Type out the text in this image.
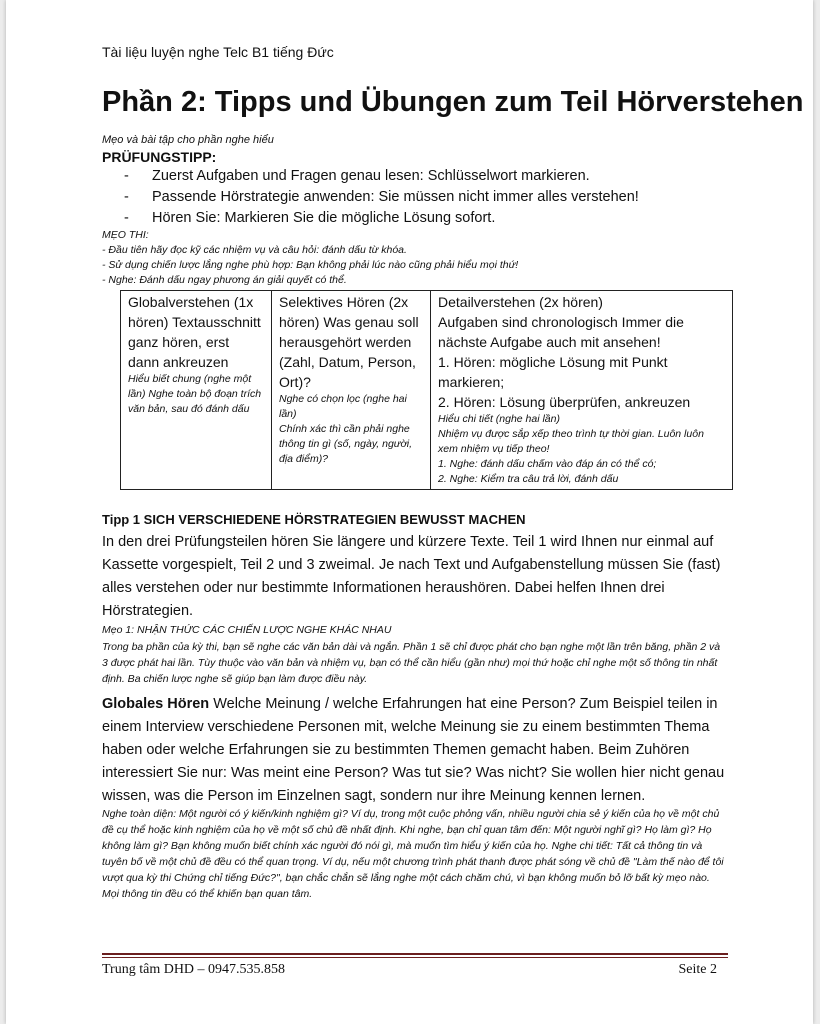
Tài liệu luyện nghe Telc B1 tiếng Đức
Phần 2: Tipps und Übungen zum Teil Hörverstehen
Mẹo và bài tập cho phần nghe hiểu
PRÜFUNGSTIPP:
- Zuerst Aufgaben und Fragen genau lesen: Schlüsselwort markieren.
- Passende Hörstrategie anwenden: Sie müssen nicht immer alles verstehen!
- Hören Sie: Markieren Sie die mögliche Lösung sofort.
MẸO THI:
- Đầu tiên hãy đọc kỹ các nhiệm vụ và câu hỏi: đánh dấu từ khóa.
- Sử dụng chiến lược lắng nghe phù hợp: Bạn không phải lúc nào cũng phải hiểu mọi thứ!
- Nghe: Đánh dấu ngay phương án giải quyết có thể.
Globalverstehen (1x hören) Textausschnitt ganz hören, erst dann ankreuzen
Hiểu biết chung (nghe một lần) Nghe toàn bộ đoạn trích văn bản, sau đó đánh dấu

Selektives Hören (2x hören) Was genau soll herausgehört werden (Zahl, Datum, Person, Ort)?
Nghe có chọn lọc (nghe hai lần)
Chính xác thì cần phải nghe thông tin gì (số, ngày, người, địa điểm)?

Detailverstehen (2x hören)
Aufgaben sind chronologisch Immer die nächste Aufgabe auch mit ansehen!
1. Hören: mögliche Lösung mit Punkt markieren;
2. Hören: Lösung überprüfen, ankreuzen
Hiểu chi tiết (nghe hai lần)
Nhiệm vụ được sắp xếp theo trình tự thời gian. Luôn luôn xem nhiệm vụ tiếp theo!
1. Nghe: đánh dấu chấm vào đáp án có thể có;
2. Nghe: Kiểm tra câu trả lời, đánh dấu
Tipp 1 SICH VERSCHIEDENE HÖRSTRATEGIEN BEWUSST MACHEN

In den drei Prüfungsteilen hören Sie längere und kürzere Texte. Teil 1 wird Ihnen nur einmal auf Kassette vorgespielt, Teil 2 und 3 zweimal. Je nach Text und Aufgabenstellung müssen Sie (fast) alles verstehen oder nur bestimmte Informationen heraushören. Dabei helfen Ihnen drei Hörstrategien.

Mẹo 1: NHẬN THỨC CÁC CHIẾN LƯỢC NGHE KHÁC NHAU

Trong ba phần của kỳ thi, bạn sẽ nghe các văn bản dài và ngắn. Phần 1 sẽ chỉ được phát cho bạn nghe một lần trên băng, phần 2 và 3 được phát hai lần. Tùy thuộc vào văn bản và nhiệm vụ, bạn có thể cần hiểu (gần như) mọi thứ hoặc chỉ nghe một số thông tin nhất định. Ba chiến lược nghe sẽ giúp bạn làm được điều này.

Globales Hören Welche Meinung / welche Erfahrungen hat eine Person? Zum Beispiel teilen in einem Interview verschiedene Personen mit, welche Meinung sie zu einem bestimmten Thema haben oder welche Erfahrungen sie zu bestimmten Themen gemacht haben. Beim Zuhören interessiert Sie nur: Was meint eine Person? Was tut sie? Was nicht? Sie wollen hier nicht genau wissen, was die Person im Einzelnen sagt, sondern nur ihre Meinung kennen lernen.

Nghe toàn diện: Một người có ý kiến/kinh nghiệm gì? Ví dụ, trong một cuộc phỏng vấn, nhiều người chia sẻ ý kiến của họ về một chủ đề cụ thể hoặc kinh nghiệm của họ về một số chủ đề nhất định. Khi nghe, bạn chỉ quan tâm đến: Một người nghĩ gì? Họ làm gì? Họ không làm gì? Bạn không muốn biết chính xác người đó nói gì, mà muốn tìm hiểu ý kiến của họ. Nghe chi tiết: Tất cả thông tin và tuyên bố về một chủ đề đều có thể quan trọng. Ví dụ, nếu một chương trình phát thanh được phát sóng về chủ đề "Làm thế nào để tôi vượt qua kỳ thi Chứng chỉ tiếng Đức?", bạn chắc chắn sẽ lắng nghe một cách chăm chú, vì bạn không muốn bỏ lỡ bất kỳ mẹo nào. Mọi thông tin đều có thể khiến bạn quan tâm.

Trung tâm DHD – 0947.535.858	Seite 2
